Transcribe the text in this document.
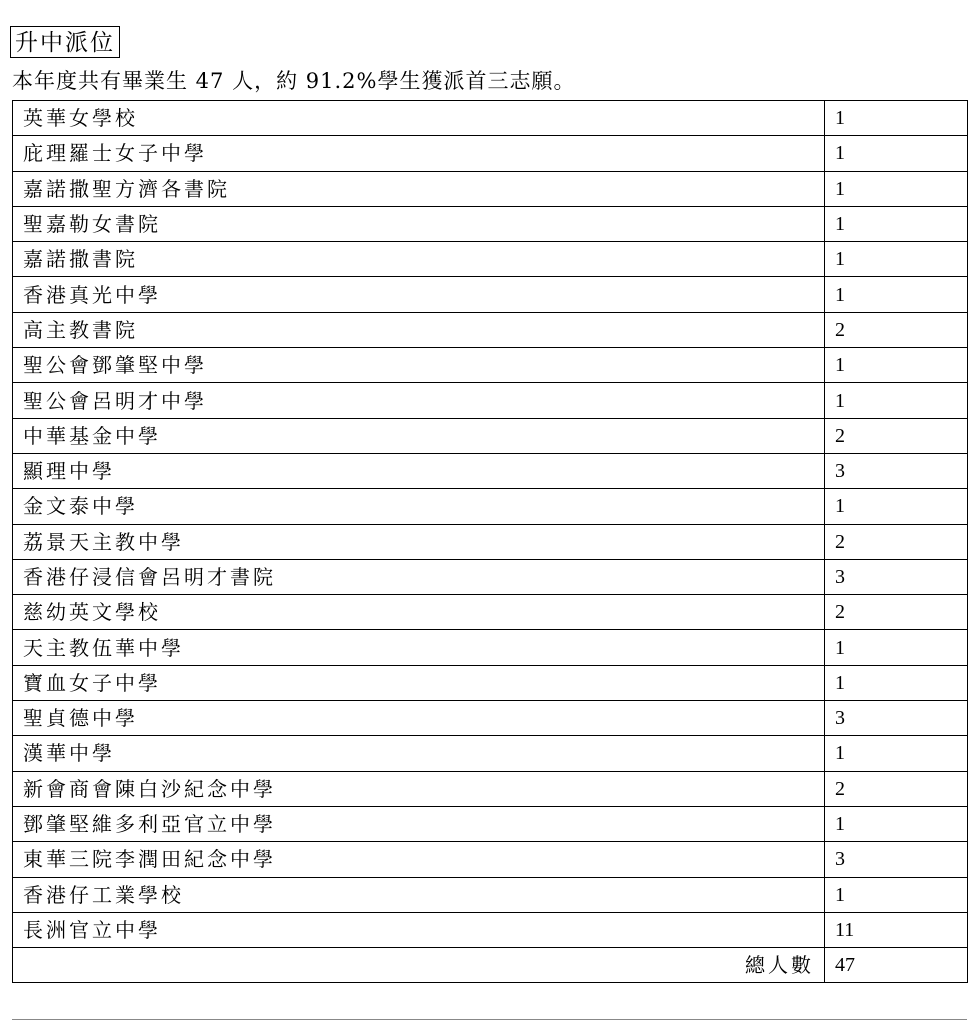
升中派位
本年度共有畢業生 47 人，約 91.2%學生獲派首三志願。
英華女學校	1
庇理羅士女子中學	1
嘉諾撒聖方濟各書院	1
聖嘉勒女書院	1
嘉諾撒書院	1
香港真光中學	1
高主教書院	2
聖公會鄧肇堅中學	1
聖公會呂明才中學	1
中華基金中學	2
顯理中學	3
金文泰中學	1
荔景天主教中學	2
香港仔浸信會呂明才書院	3
慈幼英文學校	2
天主教伍華中學	1
寶血女子中學	1
聖貞德中學	3
漢華中學	1
新會商會陳白沙紀念中學	2
鄧肇堅維多利亞官立中學	1
東華三院李潤田紀念中學	3
香港仔工業學校	1
長洲官立中學	11
總人數	47
